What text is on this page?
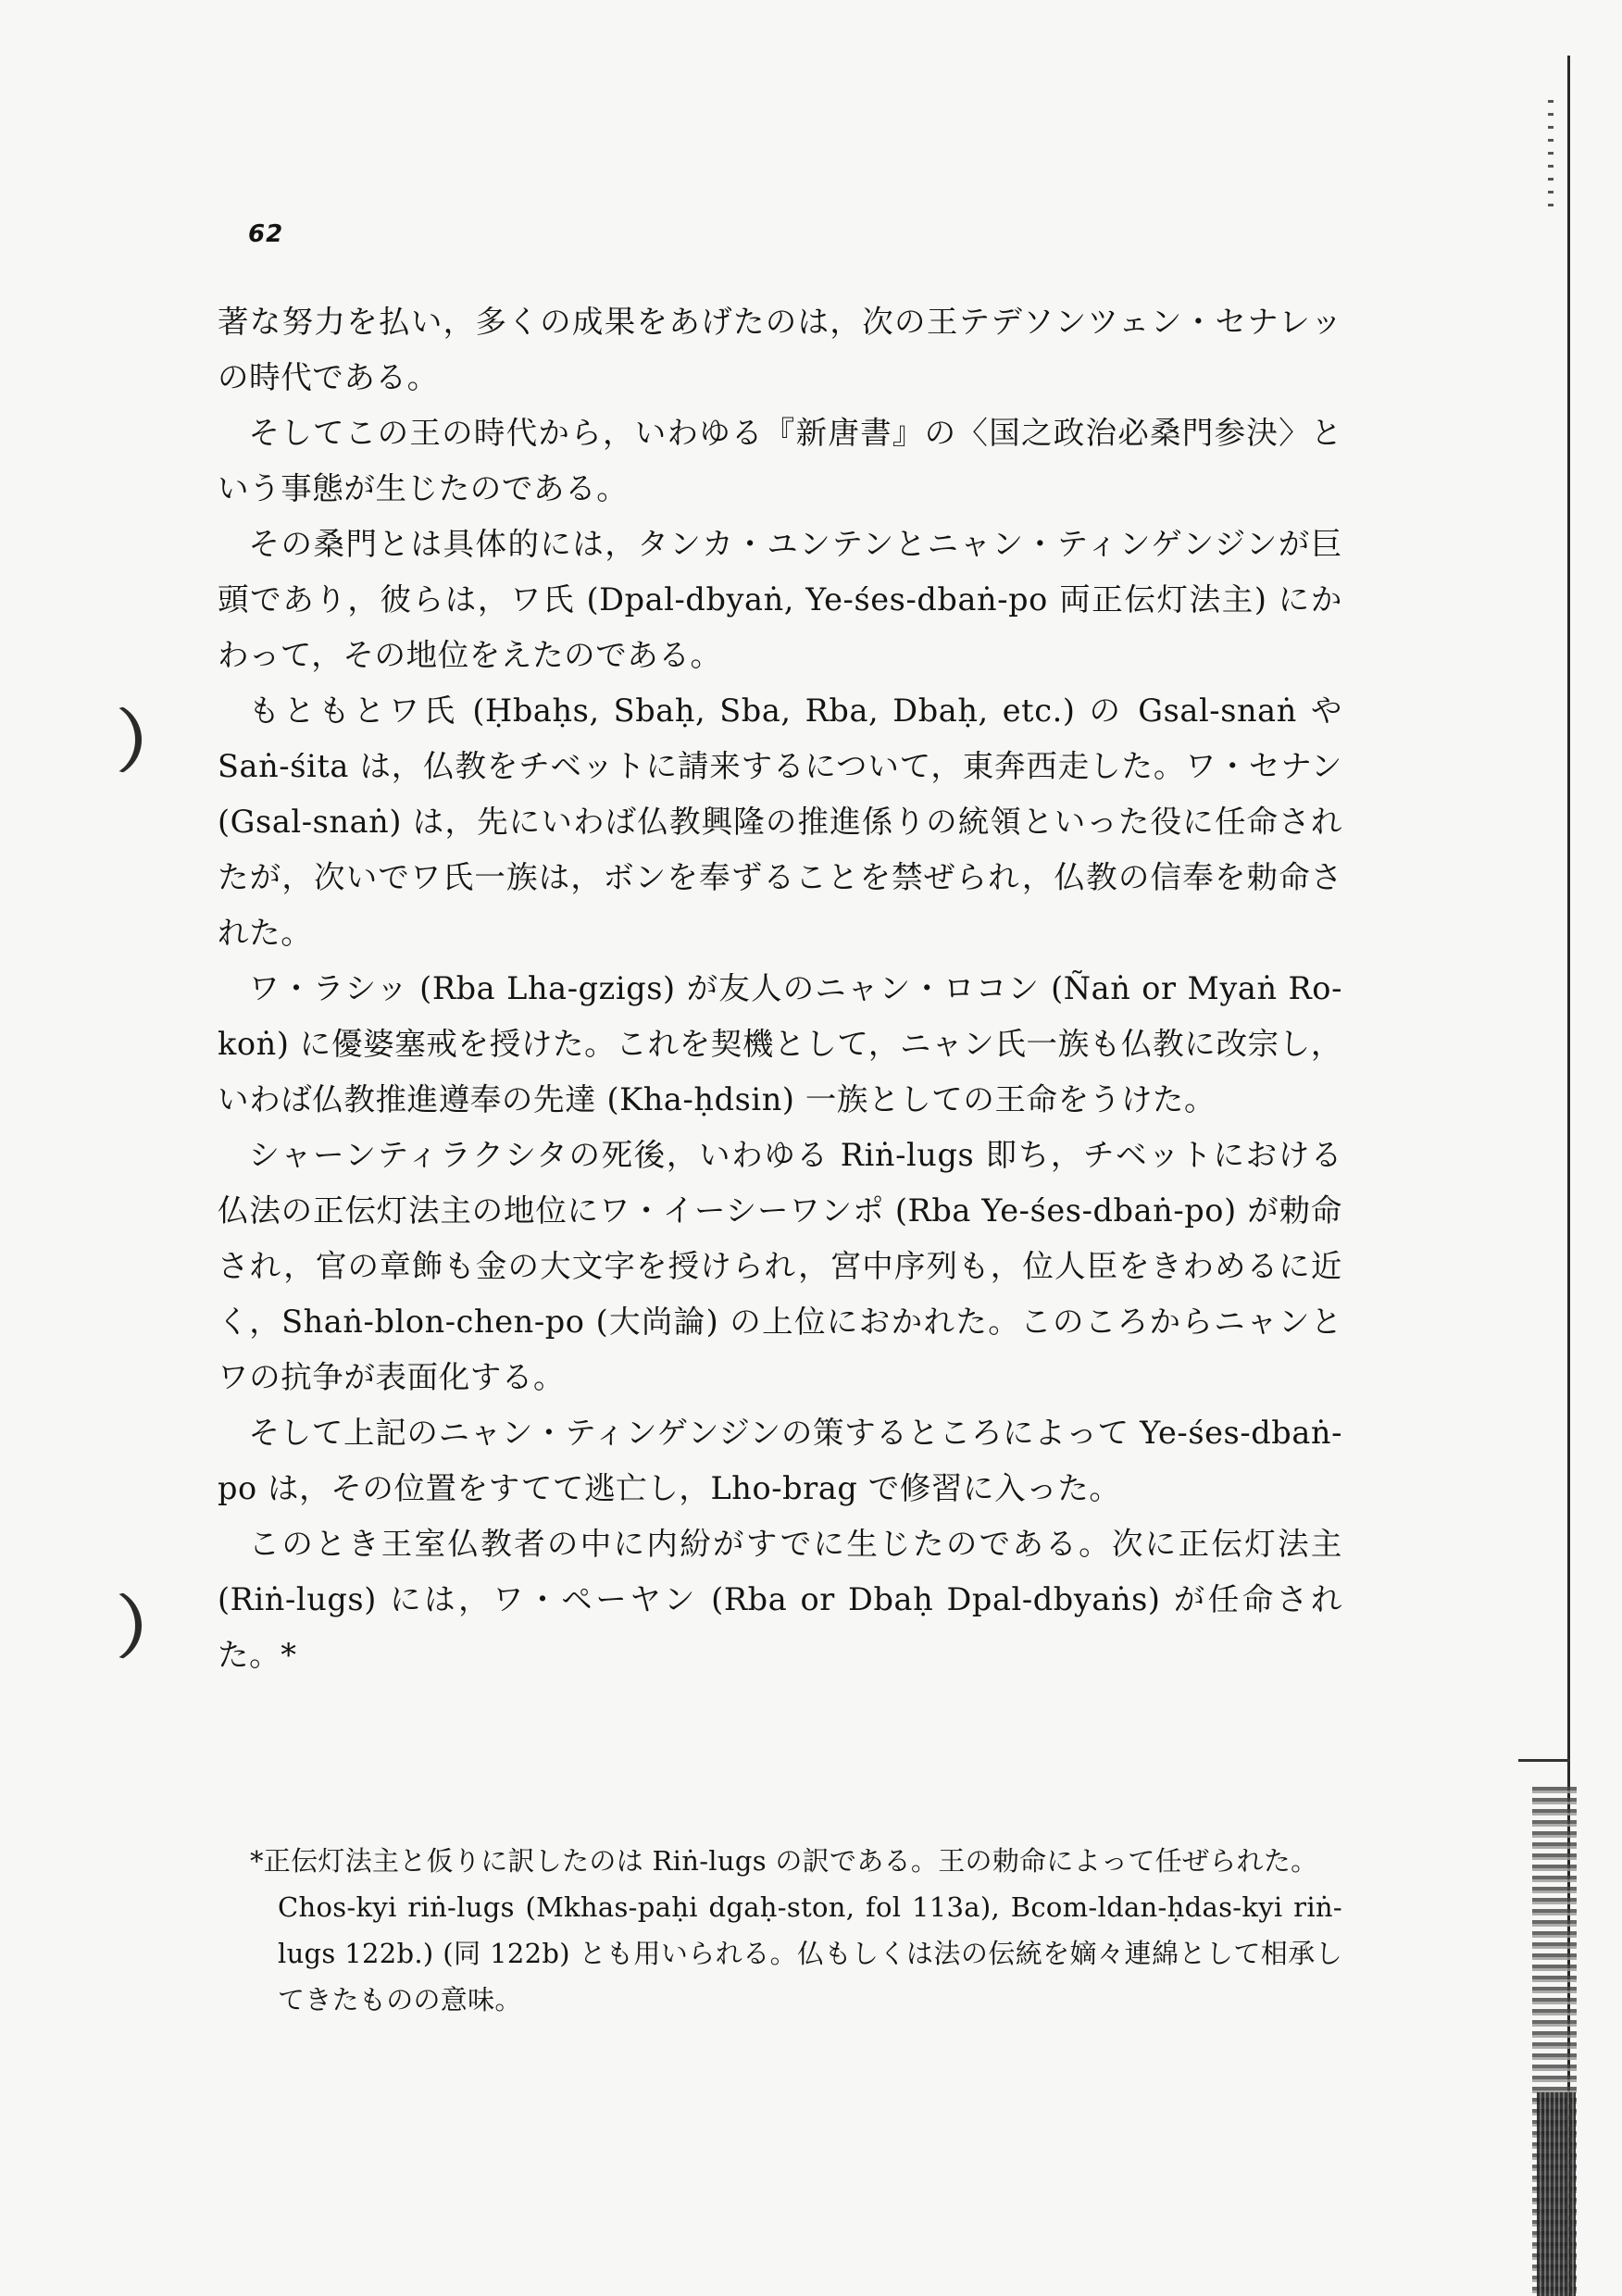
62

著な努力を払い，多くの成果をあげたのは，次の王テデソンツェン・セナレッの時代である。

そしてこの王の時代から，いわゆる『新唐書』の〈国之政治必桑門参決〉という事態が生じたのである。

その桑門とは具体的には，タンカ・ユンテンとニャン・ティンゲンジンが巨頭であり，彼らは，ワ氏 (Dpal-dbyaṅ, Ye-śes-dbaṅ-po 両正伝灯法主) にかわって，その地位をえたのである。

もともとワ氏 (Ḥbaḥs, Sbaḥ, Sba, Rba, Dbaḥ, etc.) の Gsal-snaṅ や Saṅ-śita は，仏教をチベットに請来するについて，東奔西走した。ワ・セナン (Gsal-snaṅ) は，先にいわば仏教興隆の推進係りの統領といった役に任命されたが，次いでワ氏一族は，ボンを奉ずることを禁ぜられ，仏教の信奉を勅命された。

ワ・ラシッ (Rba Lha-gzigs) が友人のニャン・ロコン (Ñaṅ or Myaṅ Ro-koṅ) に優婆塞戒を授けた。これを契機として，ニャン氏一族も仏教に改宗し，いわば仏教推進遵奉の先達 (Kha-ḥdsin) 一族としての王命をうけた。

シャーンティラクシタの死後，いわゆる Riṅ-lugs 即ち，チベットにおける仏法の正伝灯法主の地位にワ・イーシーワンポ (Rba Ye-śes-dbaṅ-po) が勅命され，官の章飾も金の大文字を授けられ，宮中序列も，位人臣をきわめるに近く，Shaṅ-blon-chen-po (大尚論) の上位におかれた。このころからニャンとワの抗争が表面化する。

そして上記のニャン・ティンゲンジンの策するところによって Ye-śes-dbaṅ-po は，その位置をすてて逃亡し，Lho-brag で修習に入った。

このとき王室仏教者の中に内紛がすでに生じたのである。次に正伝灯法主 (Riṅ-lugs) には，ワ・ペーヤン (Rba or Dbaḥ Dpal-dbyaṅs) が任命された。*

*正伝灯法主と仮りに訳したのは Riṅ-lugs の訳である。王の勅命によって任ぜられた。

Chos-kyi riṅ-lugs (Mkhas-paḥi dgaḥ-ston, fol 113a), Bcom-ldan-ḥdas-kyi riṅ-lugs 122b.) (同 122b) とも用いられる。仏もしくは法の伝統を嫡々連綿として相承してきたものの意味。
